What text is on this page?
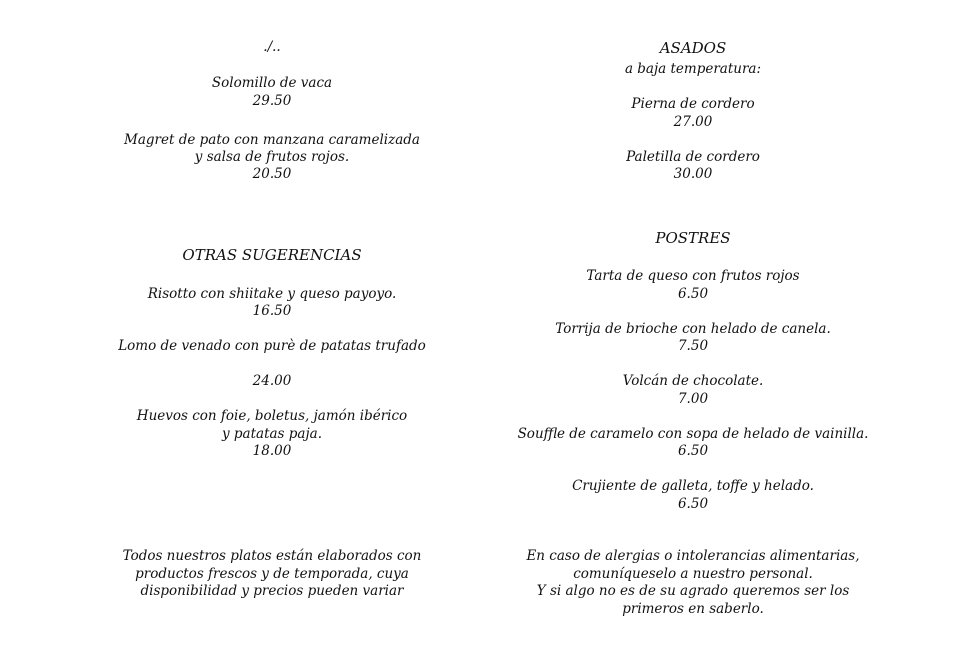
./..
Solomillo de vaca
29.50
Magret de pato con manzana caramelizada
y salsa de frutos rojos.
20.50
OTRAS SUGERENCIAS
Risotto con shiitake y queso payoyo.
16.50
Lomo de venado con purè de patatas trufado
24.00
Huevos con foie, boletus, jamón ibérico
y patatas paja.
18.00
Todos nuestros platos están elaborados con
productos frescos y de temporada, cuya
disponibilidad y precios pueden variar
ASADOS
a baja temperatura:
Pierna de cordero
27.00
Paletilla de cordero
30.00
POSTRES
Tarta de queso con frutos rojos
6.50
Torrija de brioche con helado de canela.
7.50
Volcán de chocolate.
7.00
Souffle de caramelo con sopa de helado de vainilla.
6.50
Crujiente de galleta, toffe y helado.
6.50
En caso de alergias o intolerancias alimentarias,
comuníqueselo a nuestro personal.
Y si algo no es de su agrado queremos ser los
primeros en saberlo.
